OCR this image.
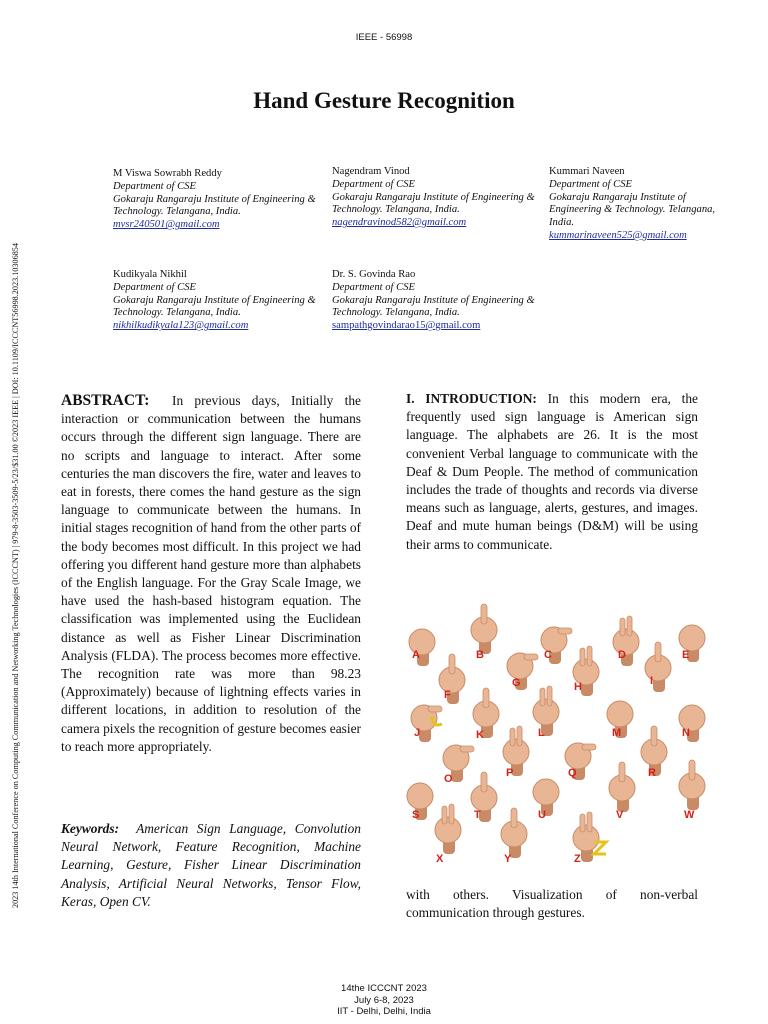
IEEE - 56998
2023 14th International Conference on Computing Communication and Networking Technologies (ICCCNT) | 979-8-3503-3509-5/23/$31.00 ©2023 IEEE | DOI: 10.1109/ICCCNT56998.2023.10306854
Hand Gesture Recognition
M Viswa Sowrabh Reddy
Department of CSE
Gokaraju Rangaraju Institute of Engineering & Technology. Telangana, India.
mvsr240501@gmail.com
Nagendram Vinod
Department of CSE
Gokaraju Rangaraju Institute of Engineering & Technology. Telangana, India.
nagendravinod582@gmail.com
Kummari Naveen
Department of CSE
Gokaraju Rangaraju Institute of Engineering & Technology. Telangana, India.
kummarinaveen525@gmail.com
Kudikyala Nikhil
Department of CSE
Gokaraju Rangaraju Institute of Engineering & Technology. Telangana, India.
nikhilkudikyala123@gmail.com
Dr. S. Govinda Rao
Department of CSE
Gokaraju Rangaraju Institute of Engineering & Technology. Telangana, India.
sampathgovindarao15@gmail.com
ABSTRACT: In previous days, Initially the interaction or communication between the humans occurs through the different sign language. There are no scripts and language to interact. After some centuries the man discovers the fire, water and leaves to eat in forests, there comes the hand gesture as the sign language to communicate between the humans. In initial stages recognition of hand from the other parts of the body becomes most difficult. In this project we had offering you different hand gesture more than alphabets of the English language. For the Gray Scale Image, we have used the hash-based histogram equation. The classification was implemented using the Euclidean distance as well as Fisher Linear Discrimination Analysis (FLDA). The process becomes more effective. The recognition rate was more than 98.23 (Approximately) because of lightning effects varies in different locations, in addition to resolution of the camera pixels the recognition of gesture becomes easier to reach more appropriately.
Keywords: American Sign Language, Convolution Neural Network, Feature Recognition, Machine Learning, Gesture, Fisher Linear Discrimination Analysis, Artificial Neural Networks, Tensor Flow, Keras, Open CV.
I. INTRODUCTION: In this modern era, the frequently used sign language is American sign language. The alphabets are 26. It is the most convenient Verbal language to communicate with the Deaf & Dum People. The method of communication includes the trade of thoughts and records via diverse means such as language, alerts, gestures, and images. Deaf and mute human beings (D&M) will be using their arms to communicate.
A	B	C	D	E
F
G	H	I
J	K	L	M	N
O	P	Q	R
S	T	U	V	W
X	Y	Z
with others. Visualization of non-verbal communication through gestures.
14the ICCCNT 2023
July 6-8, 2023
IIT - Delhi, Delhi, India
